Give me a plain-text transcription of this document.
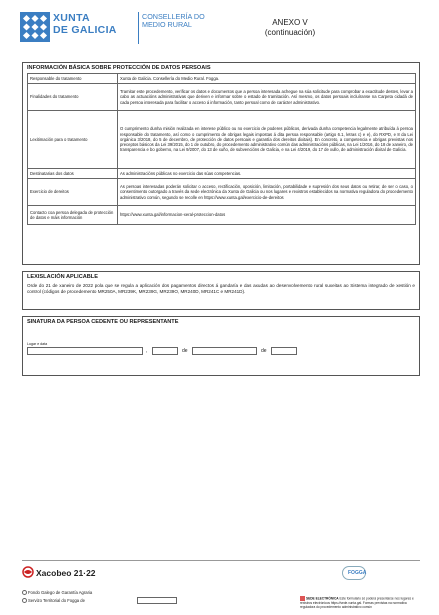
XUNTA
DE GALICIA
CONSELLERÍA DO MEDIO RURAL	ANEXO V
(continuación)
INFORMACIÓN BÁSICA SOBRE PROTECCIÓN DE DATOS PERSOAIS
Responsable do tratamento	Xunta de Galicia. Consellería do Medio Rural. Fogga.
Finalidades do tratamento	Tramitar este procedemento, verificar os datos e documentos que a persoa interesada achegue na súa solicitude para comprobar a exactitude destes, levar a cabo as actuacións administrativas que deriven e informar sobre o estado de tramitación. Así mesmo, os datos persoais incluíranse na Carpeta cidadá de cada persoa interesada para facilitar o acceso á información, tanto persoal como de carácter administrativo.
Lexitimación para o tratamento	O cumprimento dunha misión realizada en interese público ou no exercicio de poderes públicos, derivada dunha competencia legalmente atribuída á persoa responsable do tratamento, así como o cumprimento de obrigas legais impostas á dita persoa responsable (artigo 6.1, letras c) e e), do RXPD, e 8 da Lei orgánica 3/2018, do 5 de decembro, de protección de datos persoais e garantía dos dereitos dixitais). En concreto, a competencia e obrigas previstas nos preceptos básicos da Lei 39/2015, do 1 de outubro, do procedemento administrativo común das administracións públicas, na Lei 1/2016, do 18 de xaneiro, de transparencia e bo goberno, na Lei 9/2007, do 13 de xuño, de subvencións de Galicia, e na Lei 4/2019, do 17 de xullo, de administración dixital de Galicia.
Destinatarias dos datos	As administracións públicas no exercicio das súas competencias.
Exercicio de dereitos	As persoas interesadas poderán solicitar o acceso, rectificación, oposición, limitación, portabilidade e supresión dos seus datos ou retirar, de ser o caso, o consentimento outorgado a través da sede electrónica da Xunta de Galicia ou nos lugares e rexistros establecidos na normativa reguladora do procedemento administrativo común, segundo se recolle en https://www.xunta.gal/exercicio-de-dereitos
Contacto coa persoa delegada de protección de datos e máis información	https://www.xunta.gal/informacion-xeral-proteccion-datos
LEXISLACIÓN APLICABLE
Orde do 21 de xaneiro de 2022 pola que se regula a aplicación dos pagamentos directos á gandaría e das axudas ao desenvolvemento rural suxeitas ao Sistema integrado de xestión e control (códigos de procedemento MR250A, MR239K, MR239G, MR239O, MR240D, MR241C e MR241D).
SINATURA DA PERSOA CEDENTE OU REPRESENTANTE
Lugar e data
,	de	de
Xacobeo 21·22	FOGGA
Fondo Galego de Garantía Agraria
Servizo Territorial do Fogga de	SEDE ELECTRÓNICA Este formulario só poderá presentarse nos lugares e rexistros electrónicos https://sede.xunta.gal. Formas previstas na normativa reguladora do procedemento administrativo común
